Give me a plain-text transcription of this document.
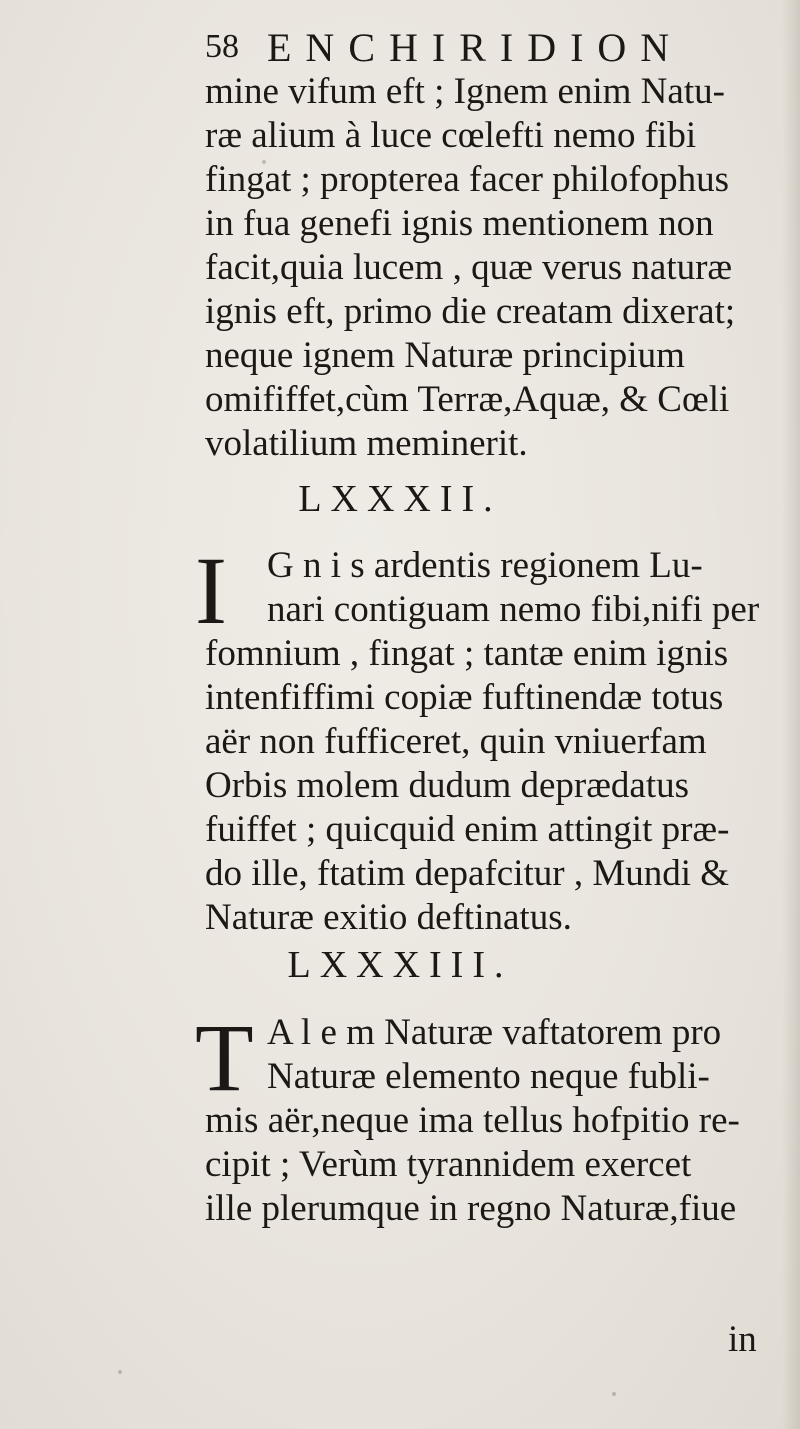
58 ENCHIRIDION
mine vifum eft ; Ignem enim Natu-
ræ alium à luce cœlefti nemo fibi
fingat ; propterea facer philofophus
in fua genefi ignis mentionem non
facit,quia lucem , quæ verus naturæ
ignis eft, primo die creatam dixerat;
neque ignem Naturæ principium
omififfet,cùm Terræ,Aquæ, & Cœli
volatilium meminerit.
LXXXII.
I	G n i s ardentis regionem Lu-
nari contiguam nemo fibi,nifi per
fomnium , fingat ; tantæ enim ignis
intenfiffimi copiæ fuftinendæ totus
aër non fufficeret, quin vniuerfam
Orbis molem dudum deprædatus
fuiffet ; quicquid enim attingit præ-
do ille, ftatim depafcitur , Mundi &
Naturæ exitio deftinatus.
LXXXIII.
T A l e m Naturæ vaftatorem pro
Naturæ elemento neque fubli-
mis aër,neque ima tellus hofpitio re-
cipit ; Verùm tyrannidem exercet
ille plerumque in regno Naturæ,fiue
in
